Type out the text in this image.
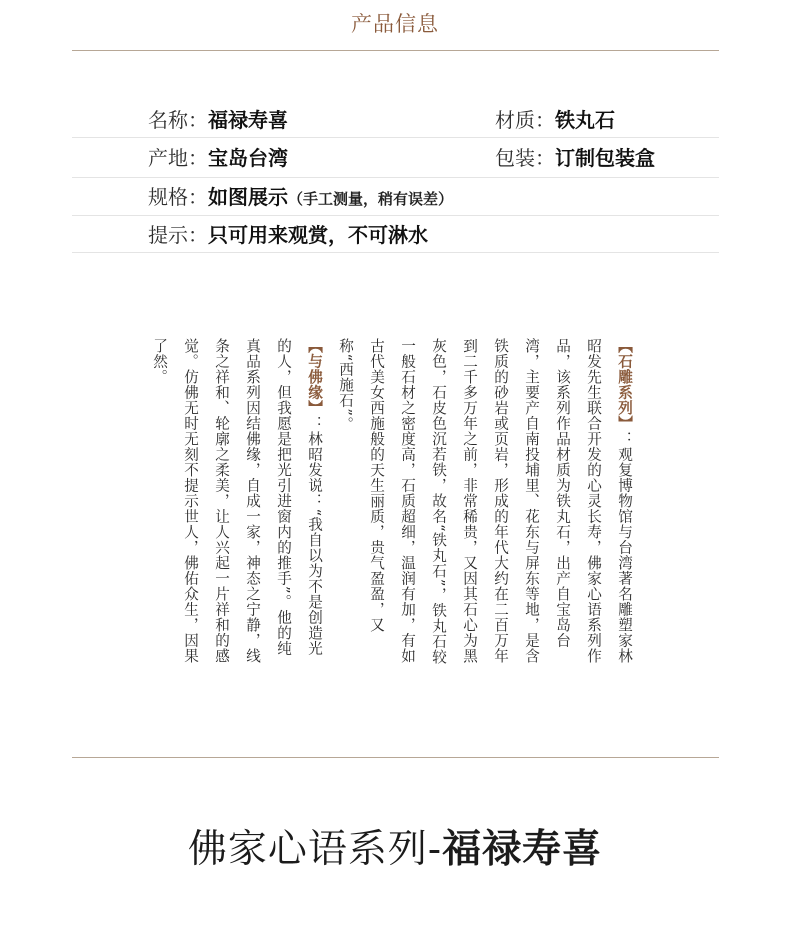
产品信息
名称：福禄寿喜	材质：铁丸石
产地：宝岛台湾	包装：订制包装盒
规格：如图展示（手工测量，稍有误差）
提示：只可用来观赏，不可淋水

【石雕系列】：观复博物馆与台湾著名雕塑家林昭发先生联合开发的心灵长寿，佛家心语系列作品，该系列作品材质为铁丸石，出产自宝岛台湾，主要产自南投埔里、花东与屏东等地，是含铁质的砂岩或页岩，形成的年代大约在二百万年到二千多万年之前，非常稀贵，又因其石心为黑灰色，石皮色沉若铁，故名“铁丸石”，铁丸石较一般石材之密度高，石质超细，温润有加，有如古代美女西施般的天生丽质，贵气盈盈，又称“西施石”。

【与佛缘】：林昭发说：“我自以为不是创造光的人，但我愿是把光引进窗内的推手”。他的纯真品系列因结佛缘，自成一家，神态之宁静，线条之祥和、轮廓之柔美，让人兴起一片祥和的感觉。仿佛无时无刻不提示世人，佛佑众生，因果了然。

佛家心语系列-福禄寿喜
